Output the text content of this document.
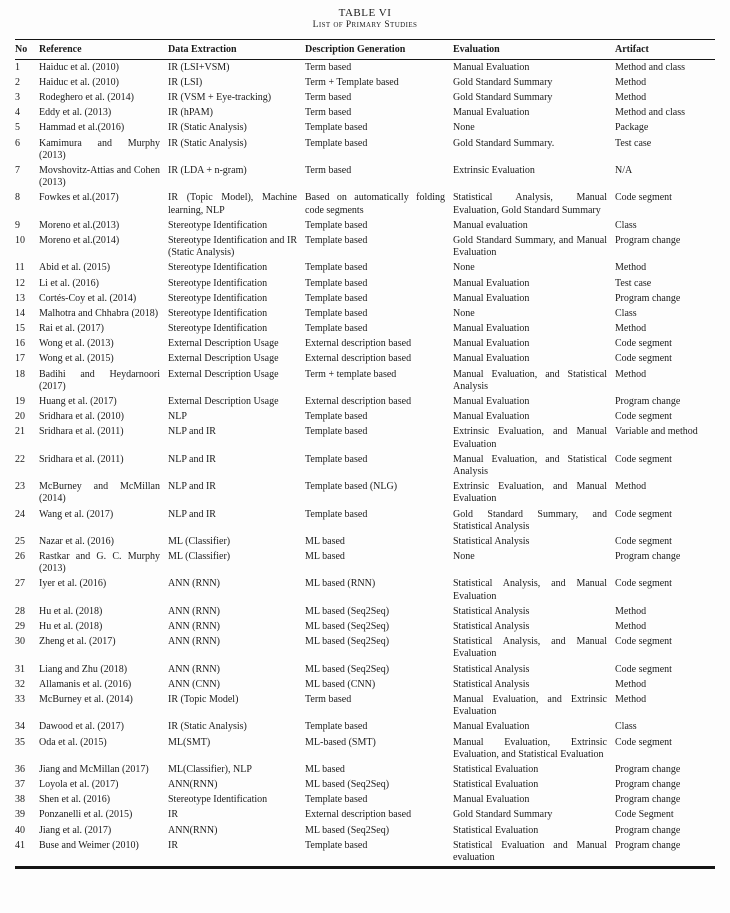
TABLE VI
List of Primary Studies
No	Reference	Data Extraction	Description Generation	Evaluation	Artifact
1	Haiduc et al. (2010)	IR (LSI+VSM)	Term based	Manual Evaluation	Method and class
2	Haiduc et al. (2010)	IR (LSI)	Term + Template based	Gold Standard Summary	Method
3	Rodeghero et al. (2014)	IR (VSM + Eye-tracking)	Term based	Gold Standard Summary	Method
4	Eddy et al. (2013)	IR (hPAM)	Term based	Manual Evaluation	Method and class
5	Hammad et al.(2016)	IR (Static Analysis)	Template based	None	Package
6	Kamimura and Murphy (2013)	IR (Static Analysis)	Template based	Gold Standard Summary.	Test case
7	Movshovitz-Attias and Cohen (2013)	IR (LDA + n-gram)	Term based	Extrinsic Evaluation	N/A
8	Fowkes et al.(2017)	IR (Topic Model), Machine learning, NLP	Based on automatically folding code segments	Statistical Analysis, Manual Evaluation, Gold Standard Summary	Code segment
9	Moreno et al.(2013)	Stereotype Identification	Template based	Manual evaluation	Class
10	Moreno et al.(2014)	Stereotype Identification and IR (Static Analysis)	Template based	Gold Standard Summary, and Manual Evaluation	Program change
11	Abid et al. (2015)	Stereotype Identification	Template based	None	Method
12	Li et al. (2016)	Stereotype Identification	Template based	Manual Evaluation	Test case
13	Cortés-Coy et al. (2014)	Stereotype Identification	Template based	Manual Evaluation	Program change
14	Malhotra and Chhabra (2018)	Stereotype Identification	Template based	None	Class
15	Rai et al. (2017)	Stereotype Identification	Template based	Manual Evaluation	Method
16	Wong et al. (2013)	External Description Usage	External description based	Manual Evaluation	Code segment
17	Wong et al. (2015)	External Description Usage	External description based	Manual Evaluation	Code segment
18	Badihi and Heydarnoori (2017)	External Description Usage	Term + template based	Manual Evaluation, and Statistical Analysis	Method
19	Huang et al. (2017)	External Description Usage	External description based	Manual Evaluation	Program change
20	Sridhara et al. (2010)	NLP	Template based	Manual Evaluation	Code segment
21	Sridhara et al. (2011)	NLP and IR	Template based	Extrinsic Evaluation, and Manual Evaluation	Variable and method
22	Sridhara et al. (2011)	NLP and IR	Template based	Manual Evaluation, and Statistical Analysis	Code segment
23	McBurney and McMillan (2014)	NLP and IR	Template based (NLG)	Extrinsic Evaluation, and Manual Evaluation	Method
24	Wang et al. (2017)	NLP and IR	Template based	Gold Standard Summary, and Statistical Analysis	Code segment
25	Nazar et al. (2016)	ML (Classifier)	ML based	Statistical Analysis	Code segment
26	Rastkar and G. C. Murphy (2013)	ML (Classifier)	ML based	None	Program change
27	Iyer et al. (2016)	ANN (RNN)	ML based (RNN)	Statistical Analysis, and Manual Evaluation	Code segment
28	Hu et al. (2018)	ANN (RNN)	ML based (Seq2Seq)	Statistical Analysis	Method
29	Hu et al. (2018)	ANN (RNN)	ML based (Seq2Seq)	Statistical Analysis	Method
30	Zheng et al. (2017)	ANN (RNN)	ML based (Seq2Seq)	Statistical Analysis, and Manual Evaluation	Code segment
31	Liang and Zhu (2018)	ANN (RNN)	ML based (Seq2Seq)	Statistical Analysis	Code segment
32	Allamanis et al. (2016)	ANN (CNN)	ML based (CNN)	Statistical Analysis	Method
33	McBurney et al. (2014)	IR (Topic Model)	Term based	Manual Evaluation, and Extrinsic Evaluation	Method
34	Dawood et al. (2017)	IR (Static Analysis)	Template based	Manual Evaluation	Class
35	Oda et al. (2015)	ML(SMT)	ML-based (SMT)	Manual Evaluation, Extrinsic Evaluation, and Statistical Evaluation	Code segment
36	Jiang and McMillan (2017)	ML(Classifier), NLP	ML based	Statistical Evaluation	Program change
37	Loyola et al. (2017)	ANN(RNN)	ML based (Seq2Seq)	Statistical Evaluation	Program change
38	Shen et al. (2016)	Stereotype Identification	Template based	Manual Evaluation	Program change
39	Ponzanelli et al. (2015)	IR	External description based	Gold Standard Summary	Code Segment
40	Jiang et al. (2017)	ANN(RNN)	ML based (Seq2Seq)	Statistical Evaluation	Program change
41	Buse and Weimer (2010)	IR	Template based	Statistical Evaluation and Manual evaluation	Program change
